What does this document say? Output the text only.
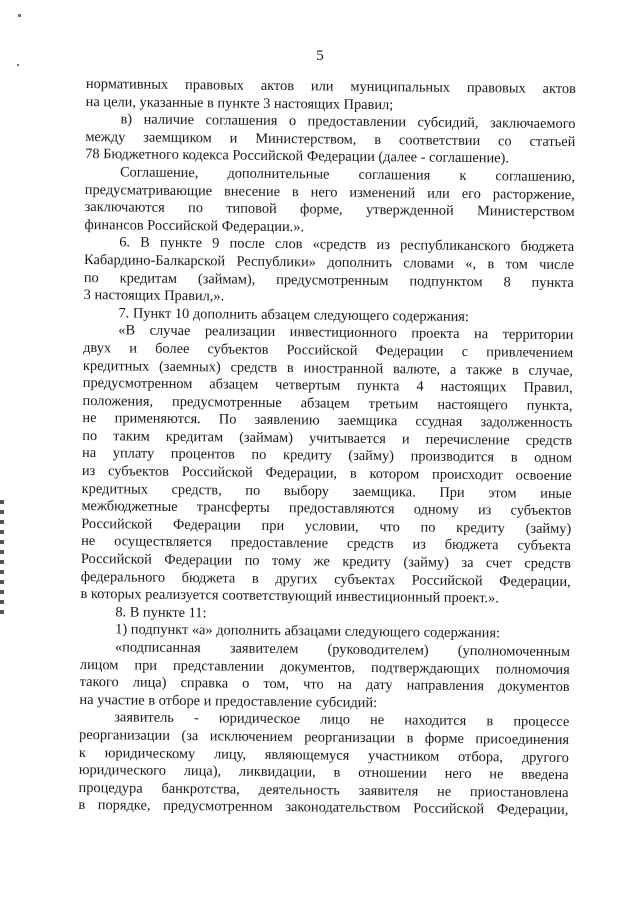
5
нормативных правовых актов или муниципальных правовых актов
на цели, указанные в пункте 3 настоящих Правил;
в) наличие соглашения о предоставлении субсидий, заключаемого
между заемщиком и Министерством, в соответствии со статьей
78 Бюджетного кодекса Российской Федерации (далее - соглашение).
Соглашение, дополнительные соглашения к соглашению,
предусматривающие внесение в него изменений или его расторжение,
заключаются по типовой форме, утвержденной Министерством
финансов Российской Федерации.».
6. В пункте 9 после слов «средств из республиканского бюджета
Кабардино-Балкарской Республики» дополнить словами «, в том числе
по кредитам (займам), предусмотренным подпунктом 8 пункта
3 настоящих Правил,».
7. Пункт 10 дополнить абзацем следующего содержания:
«В случае реализации инвестиционного проекта на территории
двух и более субъектов Российской Федерации с привлечением
кредитных (заемных) средств в иностранной валюте, а также в случае,
предусмотренном абзацем четвертым пункта 4 настоящих Правил,
положения, предусмотренные абзацем третьим настоящего пункта,
не применяются. По заявлению заемщика ссудная задолженность
по таким кредитам (займам) учитывается и перечисление средств
на уплату процентов по кредиту (займу) производится в одном
из субъектов Российской Федерации, в котором происходит освоение
кредитных средств, по выбору заемщика. При этом иные
межбюджетные трансферты предоставляются одному из субъектов
Российской Федерации при условии, что по кредиту (займу)
не осуществляется предоставление средств из бюджета субъекта
Российской Федерации по тому же кредиту (займу) за счет средств
федерального бюджета в других субъектах Российской Федерации,
в которых реализуется соответствующий инвестиционный проект.».
8. В пункте 11:
1) подпункт «а» дополнить абзацами следующего содержания:
«подписанная заявителем (руководителем) (уполномоченным
лицом при представлении документов, подтверждающих полномочия
такого лица) справка о том, что на дату направления документов
на участие в отборе и предоставление субсидий:
заявитель - юридическое лицо не находится в процессе
реорганизации (за исключением реорганизации в форме присоединения
к юридическому лицу, являющемуся участником отбора, другого
юридического лица), ликвидации, в отношении него не введена
процедура банкротства, деятельность заявителя не приостановлена
в порядке, предусмотренном законодательством Российской Федерации,
